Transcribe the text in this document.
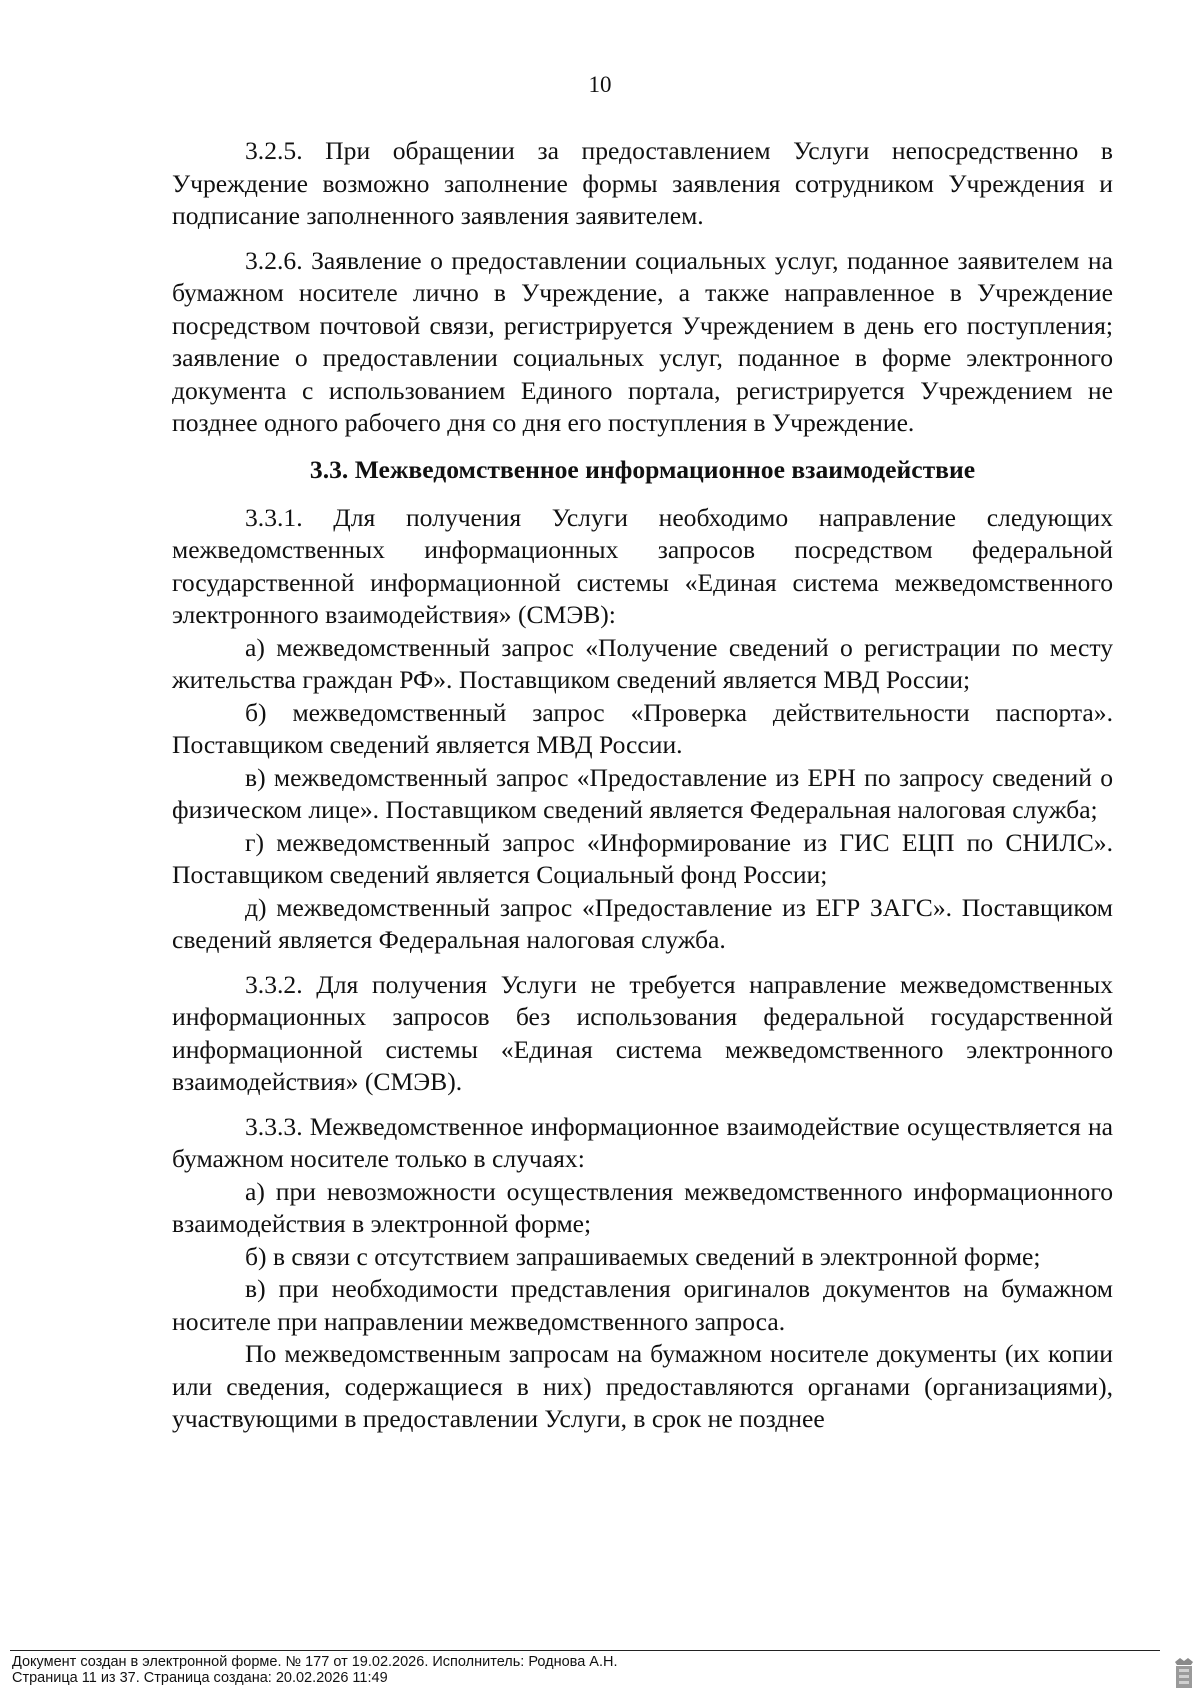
10

3.2.5. При обращении за предоставлением Услуги непосредственно в Учреждение возможно заполнение формы заявления сотрудником Учреждения и подписание заполненного заявления заявителем.

3.2.6. Заявление о предоставлении социальных услуг, поданное заявителем на бумажном носителе лично в Учреждение, а также направленное в Учреждение посредством почтовой связи, регистрируется Учреждением в день его поступления; заявление о предоставлении социальных услуг, поданное в форме электронного документа с использованием Единого портала, регистрируется Учреждением не позднее одного рабочего дня со дня его поступления в Учреждение.

3.3. Межведомственное информационное взаимодействие

3.3.1. Для получения Услуги необходимо направление следующих межведомственных информационных запросов посредством федеральной государственной информационной системы «Единая система межведомственного электронного взаимодействия» (СМЭВ):

а) межведомственный запрос «Получение сведений о регистрации по месту жительства граждан РФ». Поставщиком сведений является МВД России;

б) межведомственный запрос «Проверка действительности паспорта». Поставщиком сведений является МВД России.

в) межведомственный запрос «Предоставление из ЕРН по запросу сведений о физическом лице». Поставщиком сведений является Федеральная налоговая служба;

г) межведомственный запрос «Информирование из ГИС ЕЦП по СНИЛС». Поставщиком сведений является Социальный фонд России;

д) межведомственный запрос «Предоставление из ЕГР ЗАГС». Поставщиком сведений является Федеральная налоговая служба.

3.3.2. Для получения Услуги не требуется направление межведомственных информационных запросов без использования федеральной государственной информационной системы «Единая система межведомственного электронного взаимодействия» (СМЭВ).

3.3.3. Межведомственное информационное взаимодействие осуществляется на бумажном носителе только в случаях:

а) при невозможности осуществления межведомственного информационного взаимодействия в электронной форме;

б) в связи с отсутствием запрашиваемых сведений в электронной форме;

в) при необходимости представления оригиналов документов на бумажном носителе при направлении межведомственного запроса.

По межведомственным запросам на бумажном носителе документы (их копии или сведения, содержащиеся в них) предоставляются органами (организациями), участвующими в предоставлении Услуги, в срок не позднее

Документ создан в электронной форме. № 177 от 19.02.2026. Исполнитель: Роднова А.Н.
Страница 11 из 37. Страница создана: 20.02.2026 11:49
